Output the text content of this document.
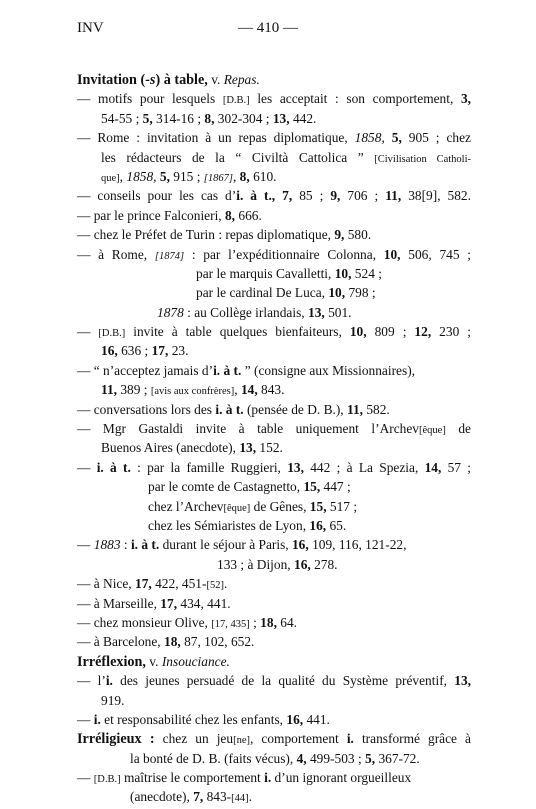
INV	— 410 —
Invitation (-s) à table, v. Repas.
— motifs pour lesquels [D.B.] les acceptait : son comportement, 3,
54-55 ; 5, 314-16 ; 8, 302-304 ; 13, 442.
— Rome : invitation à un repas diplomatique, 1858, 5, 905 ; chez
les rédacteurs de la “ Civiltà Cattolica ” [Civilisation Catholi-
que], 1858, 5, 915 ; [1867], 8, 610.
— conseils pour les cas d’i. à t., 7, 85 ; 9, 706 ; 11, 38[9], 582.
— par le prince Falconieri, 8, 666.
— chez le Préfet de Turin : repas diplomatique, 9, 580.
— à Rome, [1874] : par l’expéditionnaire Colonna, 10, 506, 745 ;
par le marquis Cavalletti, 10, 524 ;
par le cardinal De Luca, 10, 798 ;
1878 : au Collège irlandais, 13, 501.
— [D.B.] invite à table quelques bienfaiteurs, 10, 809 ; 12, 230 ;
16, 636 ; 17, 23.
— “ n’acceptez jamais d’i. à t. ” (consigne aux Missionnaires),
11, 389 ; [avis aux confrères], 14, 843.
— conversations lors des i. à t. (pensée de D. B.), 11, 582.
— Mgr Gastaldi invite à table uniquement l’Archev[êque] de
Buenos Aires (anecdote), 13, 152.
— i. à t. : par la famille Ruggieri, 13, 442 ; à La Spezia, 14, 57 ;
par le comte de Castagnetto, 15, 447 ;
chez l’Archev[êque] de Gênes, 15, 517 ;
chez les Sémiaristes de Lyon, 16, 65.
— 1883 : i. à t. durant le séjour à Paris, 16, 109, 116, 121-22,
133 ; à Dijon, 16, 278.
— à Nice, 17, 422, 451-[52].
— à Marseille, 17, 434, 441.
— chez monsieur Olive, [17, 435] ; 18, 64.
— à Barcelone, 18, 87, 102, 652.
Irréflexion, v. Insouciance.
— l’i. des jeunes persuadé de la qualité du Système préventif, 13,
919.
— i. et responsabilité chez les enfants, 16, 441.
Irréligieux : chez un jeu[ne], comportement i. transformé grâce à
la bonté de D. B. (faits vécus), 4, 499-503 ; 5, 367-72.
— [D.B.] maîtrise le comportement i. d’un ignorant orgueilleux
(anecdote), 7, 843-[44].
